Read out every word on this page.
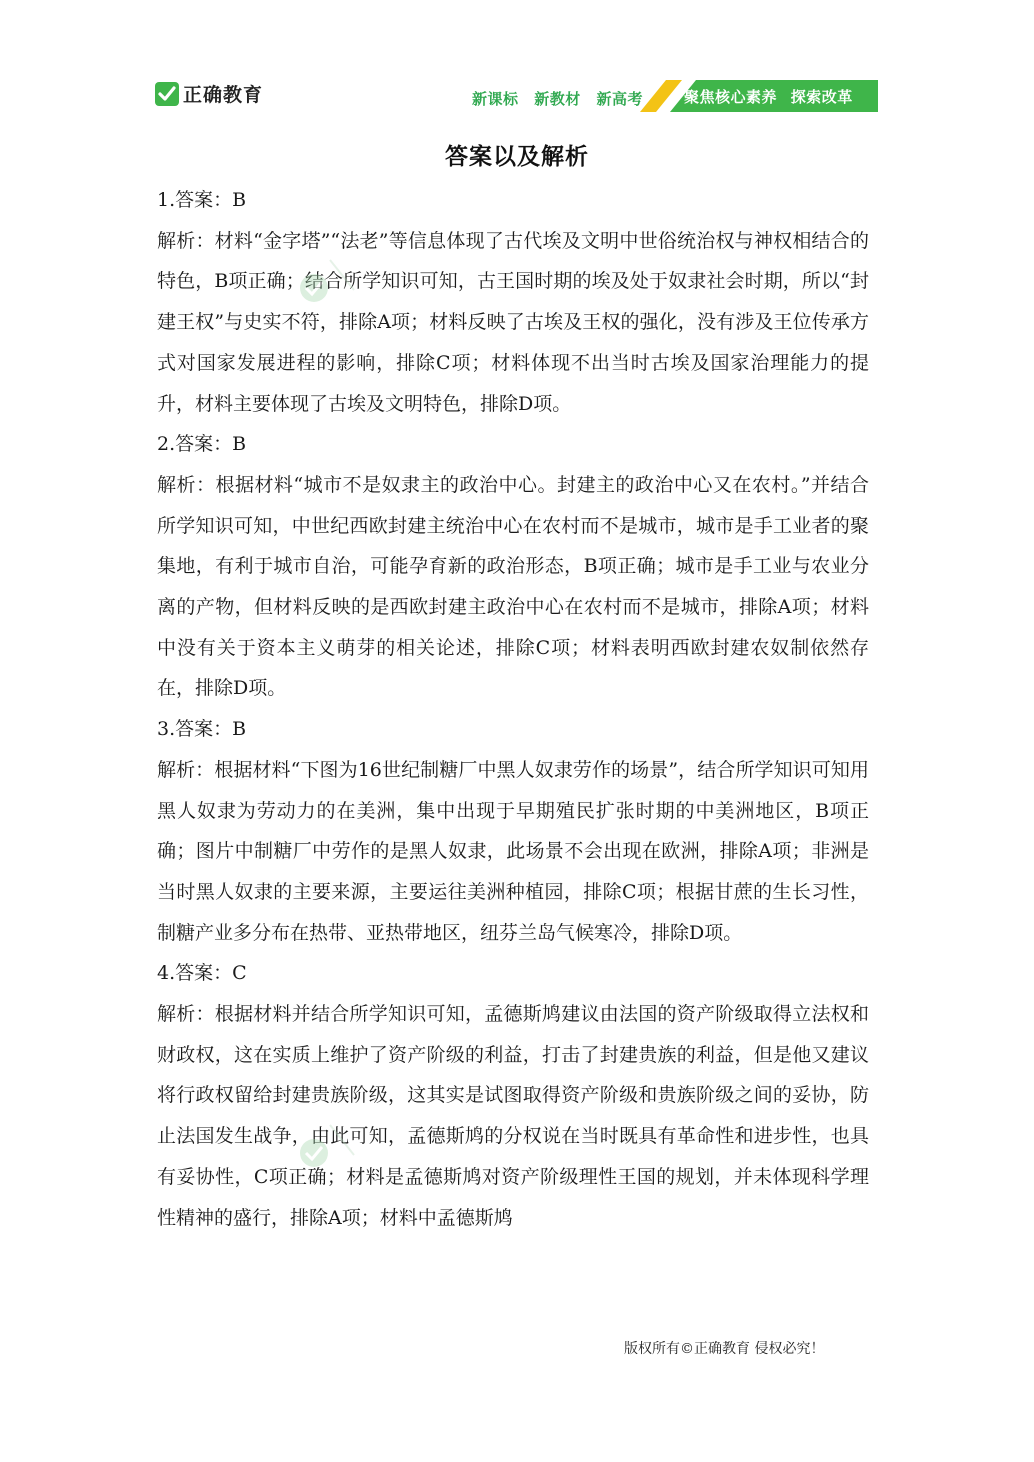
正确教育	新课标 新教材 新高考	聚焦核心素养 探索改革
答案以及解析

1.答案：B

解析：材料“金字塔”“法老”等信息体现了古代埃及文明中世俗统治权与神权相结合的特色，B项正确；结合所学知识可知，古王国时期的埃及处于奴隶社会时期，所以“封建王权”与史实不符，排除A项；材料反映了古埃及王权的强化，没有涉及王位传承方式对国家发展进程的影响，排除C项；材料体现不出当时古埃及国家治理能力的提升，材料主要体现了古埃及文明特色，排除D项。

2.答案：B

解析：根据材料“城市不是奴隶主的政治中心。封建主的政治中心又在农村。”并结合所学知识可知，中世纪西欧封建主统治中心在农村而不是城市，城市是手工业者的聚集地，有利于城市自治，可能孕育新的政治形态，B项正确；城市是手工业与农业分离的产物，但材料反映的是西欧封建主政治中心在农村而不是城市，排除A项；材料中没有关于资本主义萌芽的相关论述，排除C项；材料表明西欧封建农奴制依然存在，排除D项。

3.答案：B

解析：根据材料“下图为16世纪制糖厂中黑人奴隶劳作的场景”，结合所学知识可知用黑人奴隶为劳动力的在美洲，集中出现于早期殖民扩张时期的中美洲地区，B项正确；图片中制糖厂中劳作的是黑人奴隶，此场景不会出现在欧洲，排除A项；非洲是当时黑人奴隶的主要来源，主要运往美洲种植园，排除C项；根据甘蔗的生长习性，制糖产业多分布在热带、亚热带地区，纽芬兰岛气候寒冷，排除D项。

4.答案：C

解析：根据材料并结合所学知识可知，孟德斯鸠建议由法国的资产阶级取得立法权和财政权，这在实质上维护了资产阶级的利益，打击了封建贵族的利益，但是他又建议将行政权留给封建贵族阶级，这其实是试图取得资产阶级和贵族阶级之间的妥协，防止法国发生战争，由此可知，孟德斯鸠的分权说在当时既具有革命性和进步性，也具有妥协性，C项正确；材料是孟德斯鸠对资产阶级理性王国的规划，并未体现科学理性精神的盛行，排除A项；材料中孟德斯鸠

版权所有©正确教育 侵权必究！
